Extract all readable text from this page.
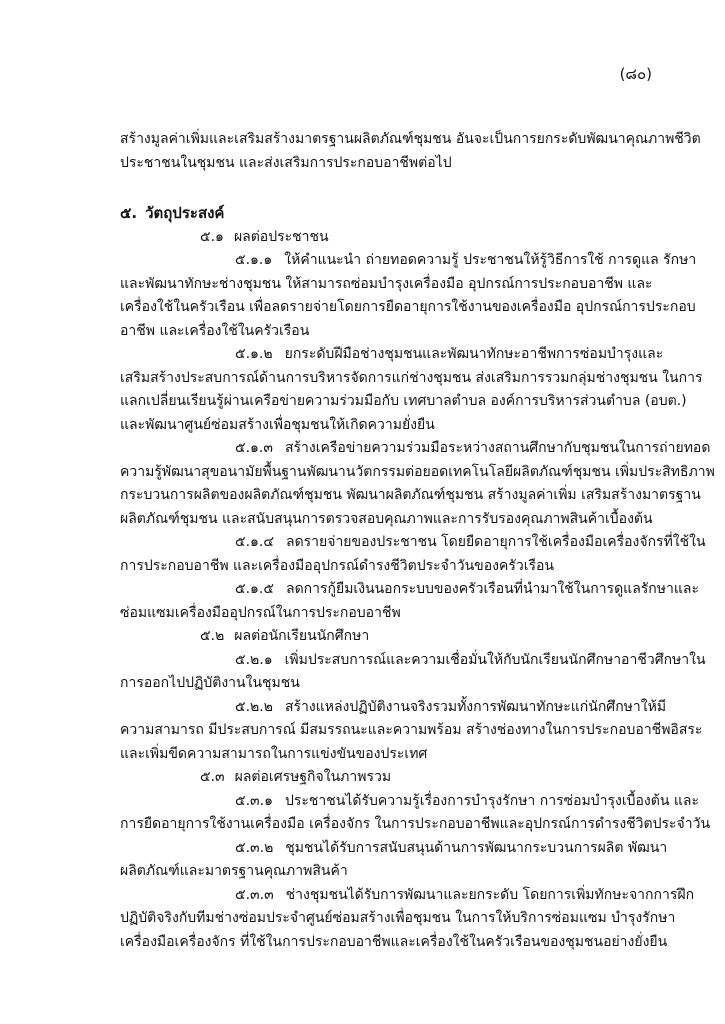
(๘๐)
สร้างมูลค่าเพิ่มและเสริมสร้างมาตรฐานผลิตภัณฑ์ชุมชน อันจะเป็นการยกระดับพัฒนาคุณภาพชีวิต
ประชาชนในชุมชน และส่งเสริมการประกอบอาชีพต่อไป
๕. วัตถุประสงค์
๕.๑ ผลต่อประชาชน
๕.๑.๑ ให้คำแนะนำ ถ่ายทอดความรู้ ประชาชนให้รู้วิธีการใช้ การดูแล รักษา
และพัฒนาทักษะช่างชุมชน ให้สามารถซ่อมบำรุงเครื่องมือ อุปกรณ์การประกอบอาชีพ และ
เครื่องใช้ในครัวเรือน เพื่อลดรายจ่ายโดยการยืดอายุการใช้งานของเครื่องมือ อุปกรณ์การประกอบ
อาชีพ และเครื่องใช้ในครัวเรือน
๕.๑.๒ ยกระดับฝีมือช่างชุมชนและพัฒนาทักษะอาชีพการซ่อมบำรุงและ
เสริมสร้างประสบการณ์ด้านการบริหารจัดการแก่ช่างชุมชน ส่งเสริมการรวมกลุ่มช่างชุมชน ในการ
แลกเปลี่ยนเรียนรู้ผ่านเครือข่ายความร่วมมือกับ เทศบาลตำบล องค์การบริหารส่วนตำบล (อบต.)
และพัฒนาศูนย์ซ่อมสร้างเพื่อชุมชนให้เกิดความยั่งยืน
๕.๑.๓ สร้างเครือข่ายความร่วมมือระหว่างสถานศึกษากับชุมชนในการถ่ายทอด
ความรู้พัฒนาสุขอนามัยพื้นฐานพัฒนานวัตกรรมต่อยอดเทคโนโลยีผลิตภัณฑ์ชุมชน เพิ่มประสิทธิภาพ
กระบวนการผลิตของผลิตภัณฑ์ชุมชน พัฒนาผลิตภัณฑ์ชุมชน สร้างมูลค่าเพิ่ม เสริมสร้างมาตรฐาน
ผลิตภัณฑ์ชุมชน และสนับสนุนการตรวจสอบคุณภาพและการรับรองคุณภาพสินค้าเบื้องต้น
๕.๑.๔ ลดรายจ่ายของประชาชน โดยยืดอายุการใช้เครื่องมือเครื่องจักรที่ใช้ใน
การประกอบอาชีพ และเครื่องมืออุปกรณ์ดำรงชีวิตประจำวันของครัวเรือน
๕.๑.๕ ลดการกู้ยืมเงินนอกระบบของครัวเรือนที่นำมาใช้ในการดูแลรักษาและ
ซ่อมแซมเครื่องมืออุปกรณ์ในการประกอบอาชีพ
๕.๒ ผลต่อนักเรียนนักศึกษา
๕.๒.๑ เพิ่มประสบการณ์และความเชื่อมั่นให้กับนักเรียนนักศึกษาอาชีวศึกษาใน
การออกไปปฏิบัติงานในชุมชน
๕.๒.๒ สร้างแหล่งปฏิบัติงานจริงรวมทั้งการพัฒนาทักษะแก่นักศึกษาให้มี
ความสามารถ มีประสบการณ์ มีสมรรถนะและความพร้อม สร้างช่องทางในการประกอบอาชีพอิสระ
และเพิ่มขีดความสามารถในการแข่งขันของประเทศ
๕.๓ ผลต่อเศรษฐกิจในภาพรวม
๕.๓.๑ ประชาชนได้รับความรู้เรื่องการบำรุงรักษา การซ่อมบำรุงเบื้องต้น และ
การยืดอายุการใช้งานเครื่องมือ เครื่องจักร ในการประกอบอาชีพและอุปกรณ์การดำรงชีวิตประจำวัน
๕.๓.๒ ชุมชนได้รับการสนับสนุนด้านการพัฒนากระบวนการผลิต พัฒนา
ผลิตภัณฑ์และมาตรฐานคุณภาพสินค้า
๕.๓.๓ ช่างชุมชนได้รับการพัฒนาและยกระดับ โดยการเพิ่มทักษะจากการฝึก
ปฏิบัติจริงกับทีมช่างซ่อมประจำศูนย์ซ่อมสร้างเพื่อชุมชน ในการให้บริการซ่อมแซม บำรุงรักษา
เครื่องมือเครื่องจักร ที่ใช้ในการประกอบอาชีพและเครื่องใช้ในครัวเรือนของชุมชนอย่างยั่งยืน
